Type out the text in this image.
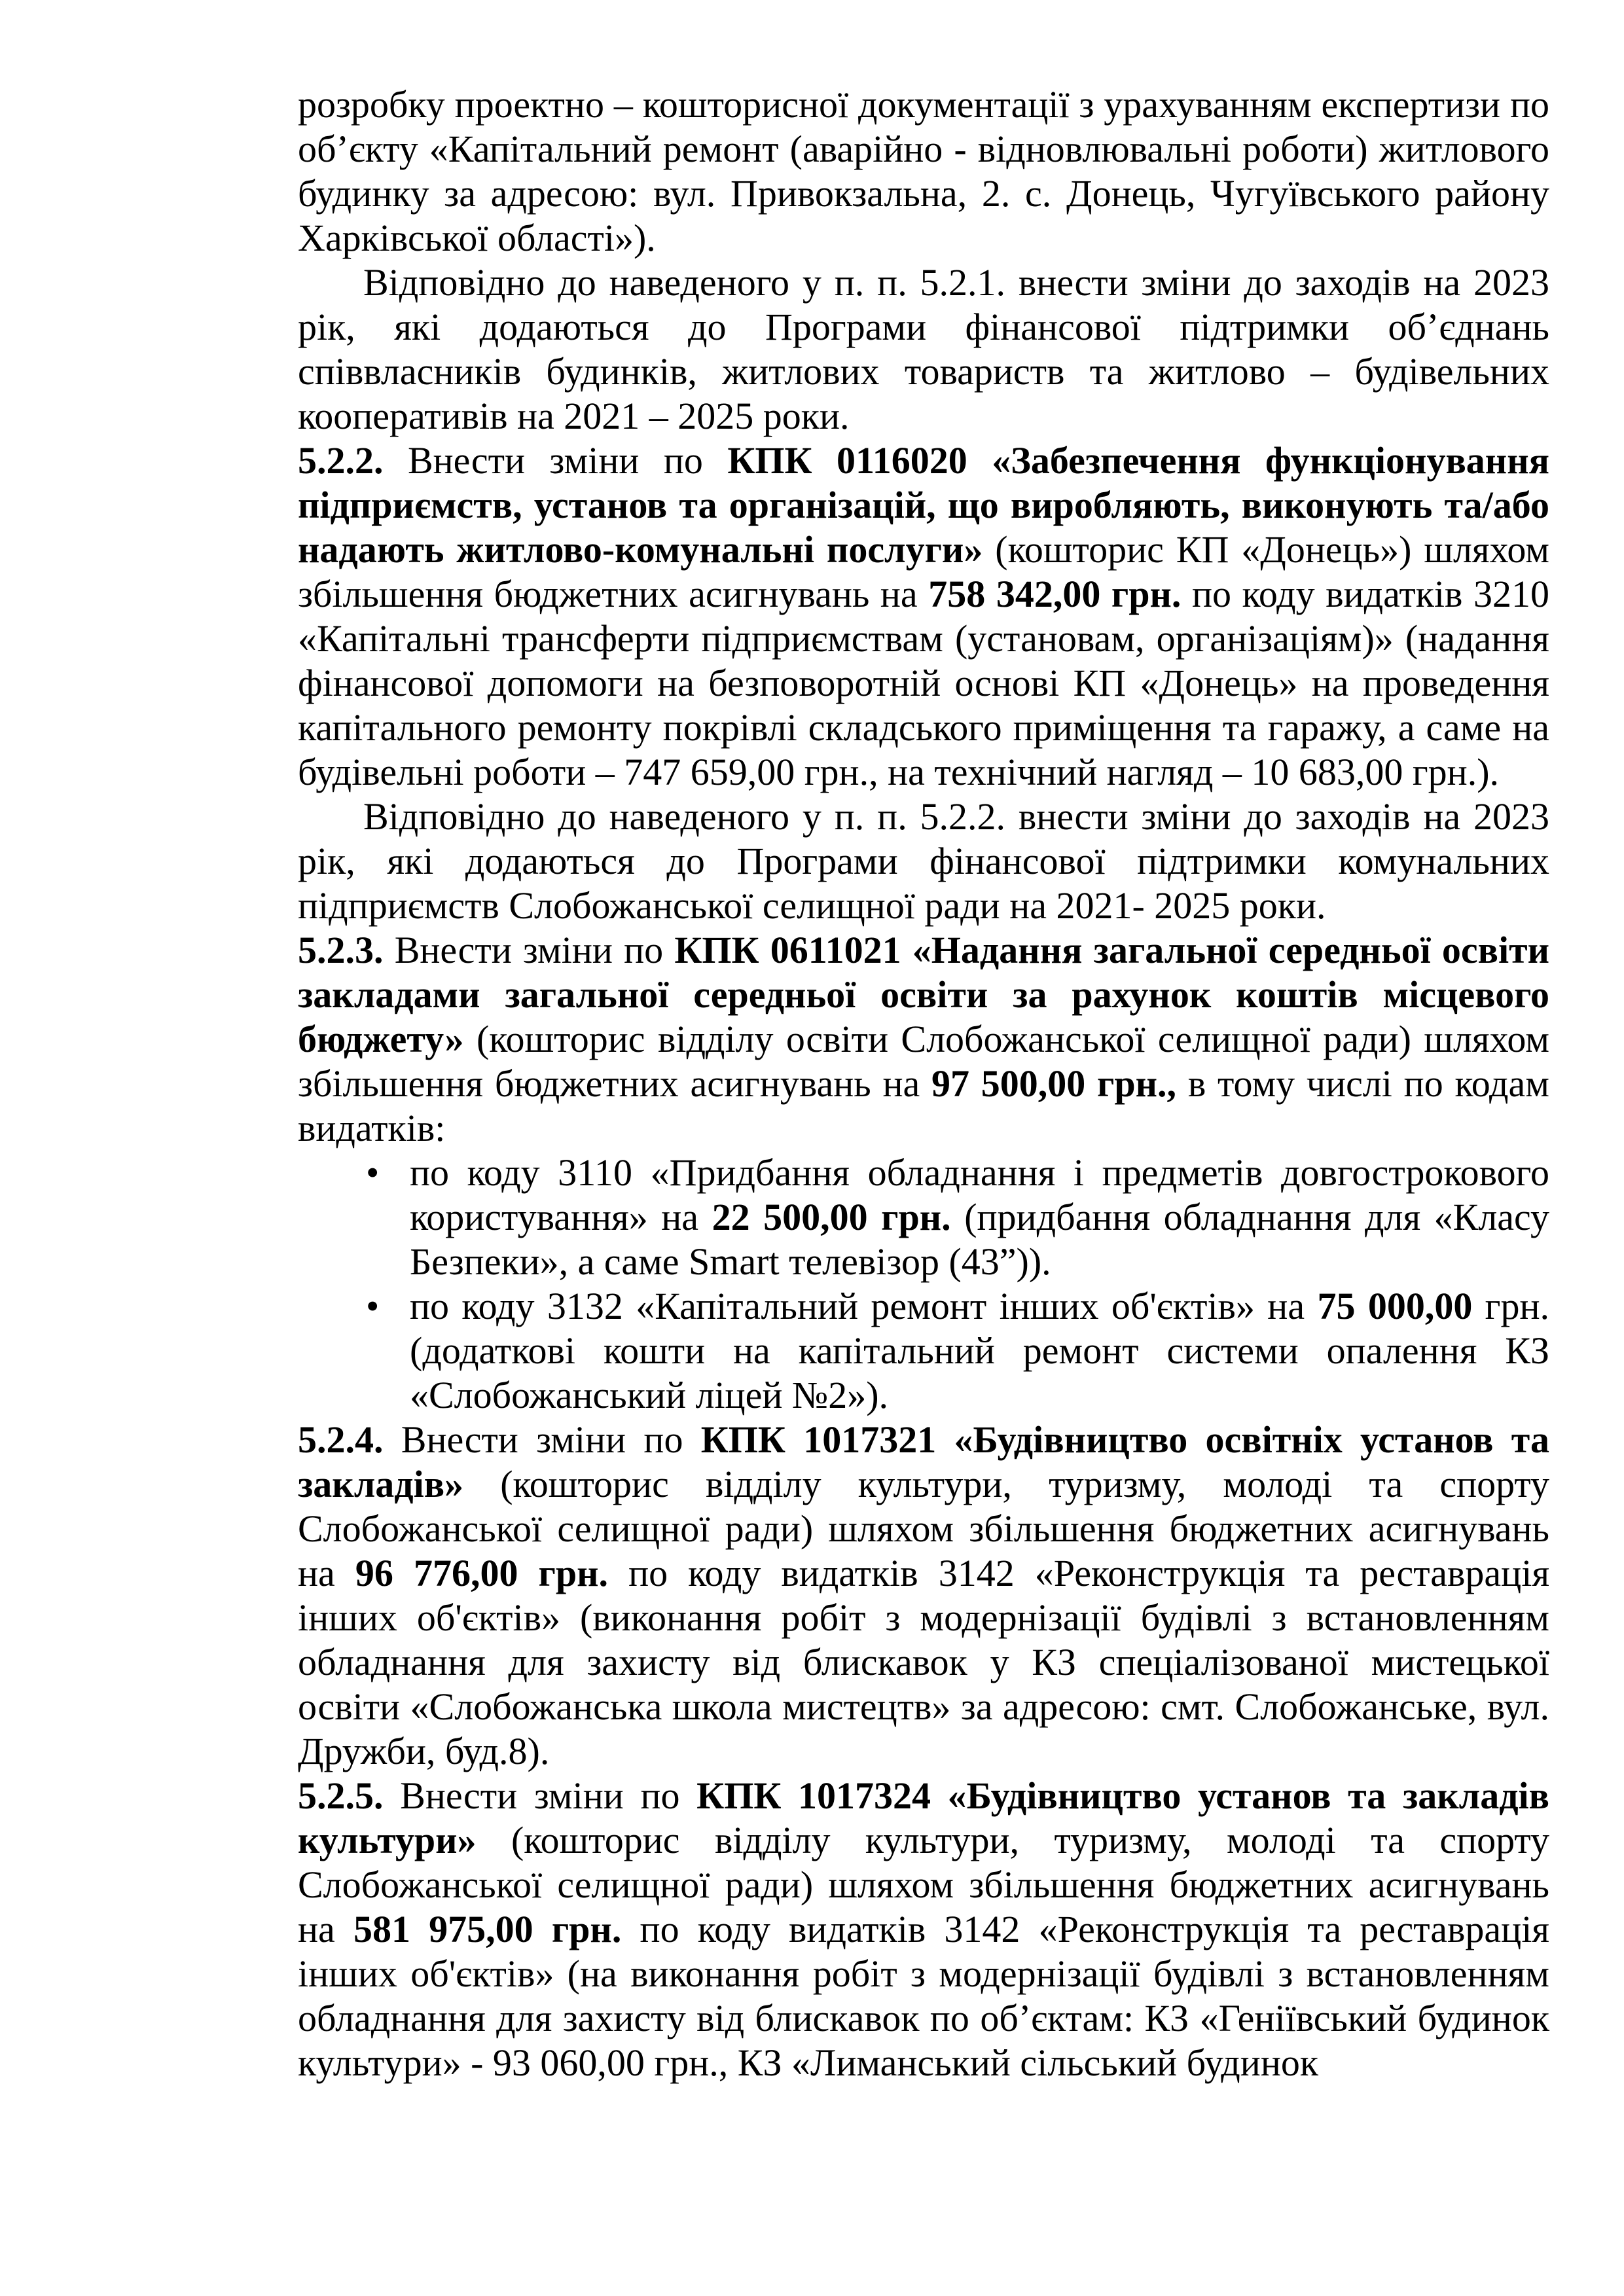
розробку проектно – кошторисної документації з урахуванням експертизи по об’єкту «Капітальний ремонт (аварійно - відновлювальні роботи) житлового будинку за адресою: вул. Привокзальна, 2. с. Донець, Чугуївського району Харківської області»).

Відповідно до наведеного у п. п. 5.2.1. внести зміни до заходів на 2023 рік, які додаються до Програми фінансової підтримки об’єднань співвласників будинків, житлових товариств та житлово – будівельних кооперативів на 2021 – 2025 роки.

5.2.2. Внести зміни по КПК 0116020 «Забезпечення функціонування підприємств, установ та організацій, що виробляють, виконують та/або надають житлово-комунальні послуги» (кошторис КП «Донець») шляхом збільшення бюджетних асигнувань на 758 342,00 грн. по коду видатків 3210 «Капітальні трансферти підприємствам (установам, організаціям)» (надання фінансової допомоги на безповоротній основі КП «Донець» на проведення капітального ремонту покрівлі складського приміщення та гаражу, а саме на будівельні роботи – 747 659,00 грн., на технічний нагляд – 10 683,00 грн.).

Відповідно до наведеного у п. п. 5.2.2. внести зміни до заходів на 2023 рік, які додаються до Програми фінансової підтримки комунальних підприємств Слобожанської селищної ради на 2021- 2025 роки.

5.2.3. Внести зміни по КПК 0611021 «Надання загальної середньої освіти закладами загальної середньої освіти за рахунок коштів місцевого бюджету» (кошторис відділу освіти Слобожанської селищної ради) шляхом збільшення бюджетних асигнувань на 97 500,00 грн., в тому числі по кодам видатків:

• по коду 3110 «Придбання обладнання і предметів довгострокового користування» на 22 500,00 грн. (придбання обладнання для «Класу Безпеки», а саме Smart телевізор (43”)).
• по коду 3132 «Капітальний ремонт інших об'єктів» на 75 000,00 грн.(додаткові кошти на капітальний ремонт системи опалення КЗ «Слобожанський ліцей №2»).

5.2.4. Внести зміни по КПК 1017321 «Будівництво освітніх установ та закладів» (кошторис відділу культури, туризму, молоді та спорту Слобожанської селищної ради) шляхом збільшення бюджетних асигнувань на 96 776,00 грн. по коду видатків 3142 «Реконструкція та реставрація інших об'єктів» (виконання робіт з модернізації будівлі з встановленням обладнання для захисту від блискавок у КЗ спеціалізованої мистецької освіти «Слобожанська школа мистецтв» за адресою: смт. Слобожанське, вул. Дружби, буд.8).

5.2.5. Внести зміни по КПК 1017324 «Будівництво установ та закладів культури» (кошторис відділу культури, туризму, молоді та спорту Слобожанської селищної ради) шляхом збільшення бюджетних асигнувань на 581 975,00 грн. по коду видатків 3142 «Реконструкція та реставрація інших об'єктів» (на виконання робіт з модернізації будівлі з встановленням обладнання для захисту від блискавок по об’єктам: КЗ «Геніївський будинок культури» - 93 060,00 грн., КЗ «Лиманський сільський будинок
